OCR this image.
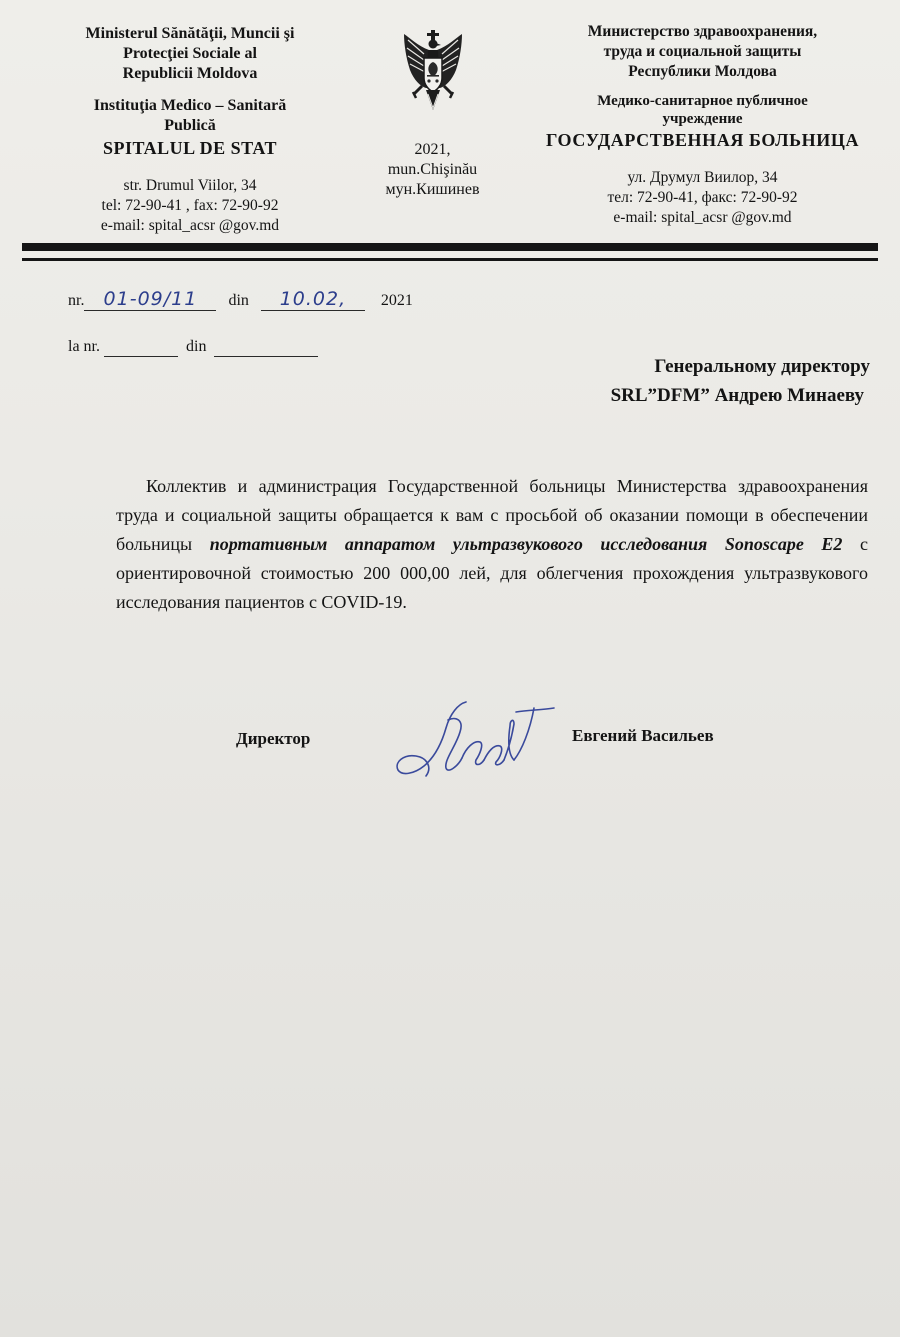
Ministerul Sănătăţii, Muncii şi
Protecţiei Sociale al
Republicii Moldova
Instituţia Medico – Sanitară
Publică
SPITALUL DE STAT
str. Drumul Viilor, 34
tel: 72-90-41 , fax: 72-90-92
e-mail: spital_acsr @gov.md
2021,
mun.Chişinău
мун.Кишинев
Министерство здравоохранения,
труда и социальной защиты
Республики Молдова
Медико-санитарное публичное
учреждение
ГОСУДАРСТВЕННАЯ БОЛЬНИЦА
ул. Друмул Виилор, 34
тел: 72-90-41, факс: 72-90-92
e-mail: spital_acsr @gov.md
nr. 01-09/11 din 10.02, 2021
la nr.	din
Генеральному директору
SRL”DFM” Андрею Минаеву
Коллектив и администрация Государственной больницы Министерства здравоохранения труда и социальной защиты обращается к вам с просьбой об оказании помощи в обеспечении больницы портативным аппаратом ультразвукового исследования Sonoscape E2 с ориентировочной стоимостью 200 000,00 лей, для облегчения прохождения ультразвукового исследования пациентов с COVID-19.
Директор	Евгений Васильев
